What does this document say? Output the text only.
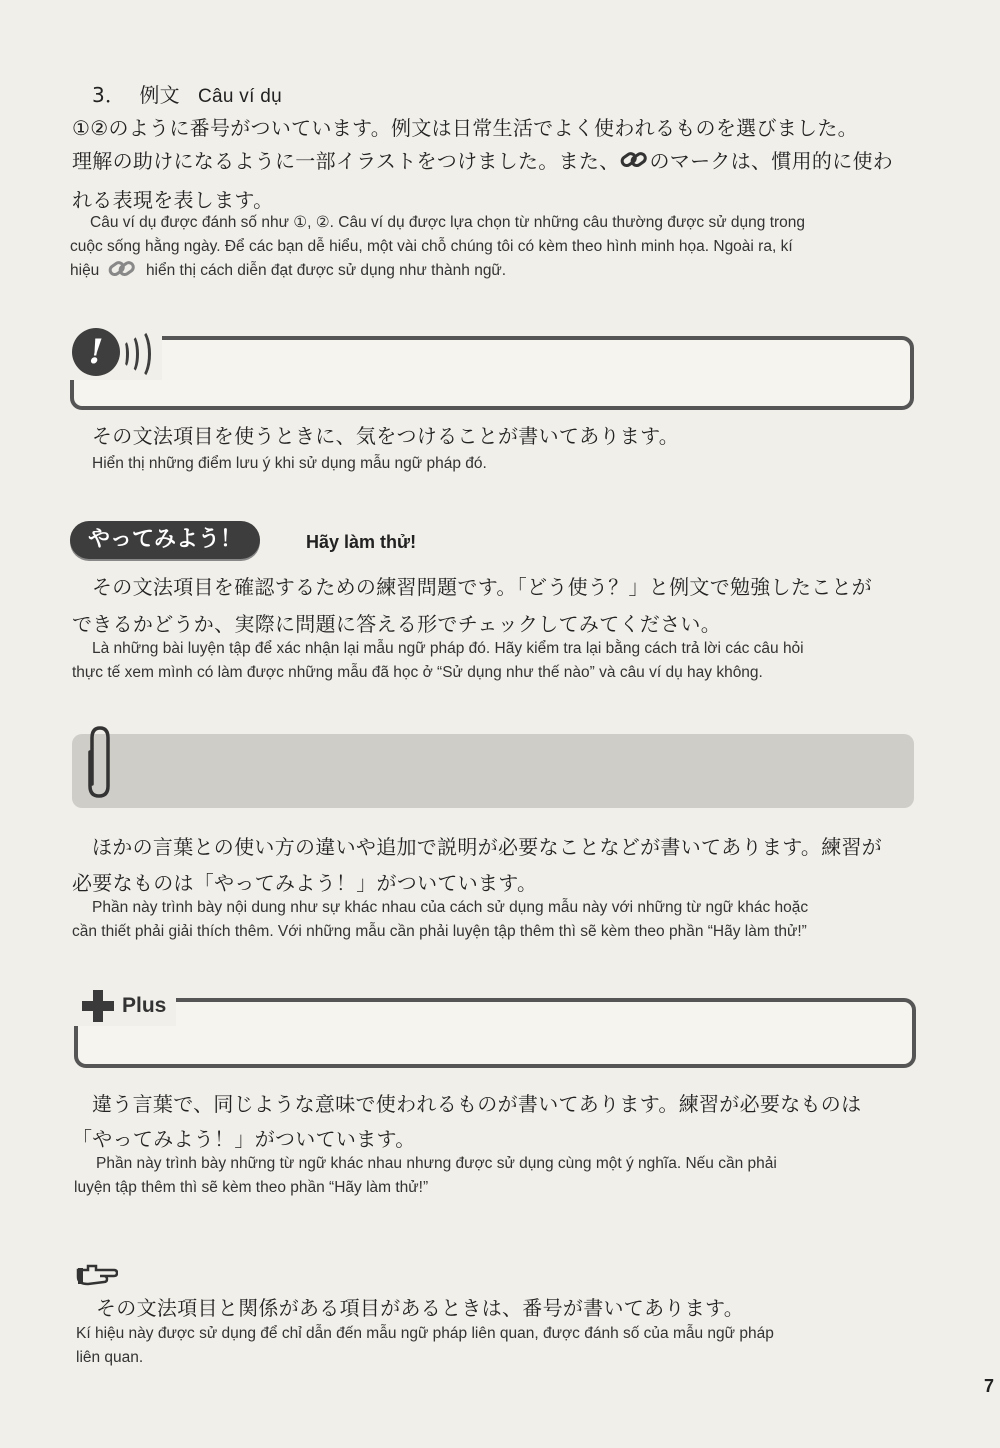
3． 例文 Câu ví dụ
①②のように番号がついています。例文は日常生活でよく使われるものを選びました。
理解の助けになるように一部イラストをつけました。また、 のマークは、慣用的に使わ
れる表現を表します。
Câu ví dụ được đánh số như ①, ②. Câu ví dụ được lựa chọn từ những câu thường được sử dụng trong
cuộc sống hằng ngày. Để các bạn dễ hiểu, một vài chỗ chúng tôi có kèm theo hình minh họa. Ngoài ra, kí
hiệu	hiển thị cách diễn đạt được sử dụng như thành ngữ.
!
その文法項目を使うときに、気をつけることが書いてあります。
Hiển thị những điểm lưu ý khi sử dụng mẫu ngữ pháp đó.
やってみよう！	Hãy làm thử!
その文法項目を確認するための練習問題です。「どう使う？」と例文で勉強したことが
できるかどうか、実際に問題に答える形でチェックしてみてください。
Là những bài luyện tập để xác nhận lại mẫu ngữ pháp đó. Hãy kiểm tra lại bằng cách trả lời các câu hỏi
thực tế xem mình có làm được những mẫu đã học ở “Sử dụng như thế nào” và câu ví dụ hay không.
ほかの言葉との使い方の違いや追加で説明が必要なことなどが書いてあります。練習が
必要なものは「やってみよう！」がついています。
Phần này trình bày nội dung như sự khác nhau của cách sử dụng mẫu này với những từ ngữ khác hoặc
cần thiết phải giải thích thêm. Với những mẫu cần phải luyện tập thêm thì sẽ kèm theo phần “Hãy làm thử!”
Plus
違う言葉で、同じような意味で使われるものが書いてあります。練習が必要なものは
「やってみよう！」がついています。
Phần này trình bày những từ ngữ khác nhau nhưng được sử dụng cùng một ý nghĩa. Nếu cần phải
luyện tập thêm thì sẽ kèm theo phần “Hãy làm thử!”
その文法項目と関係がある項目があるときは、番号が書いてあります。
Kí hiệu này được sử dụng để chỉ dẫn đến mẫu ngữ pháp liên quan, được đánh số của mẫu ngữ pháp
liên quan.
7
